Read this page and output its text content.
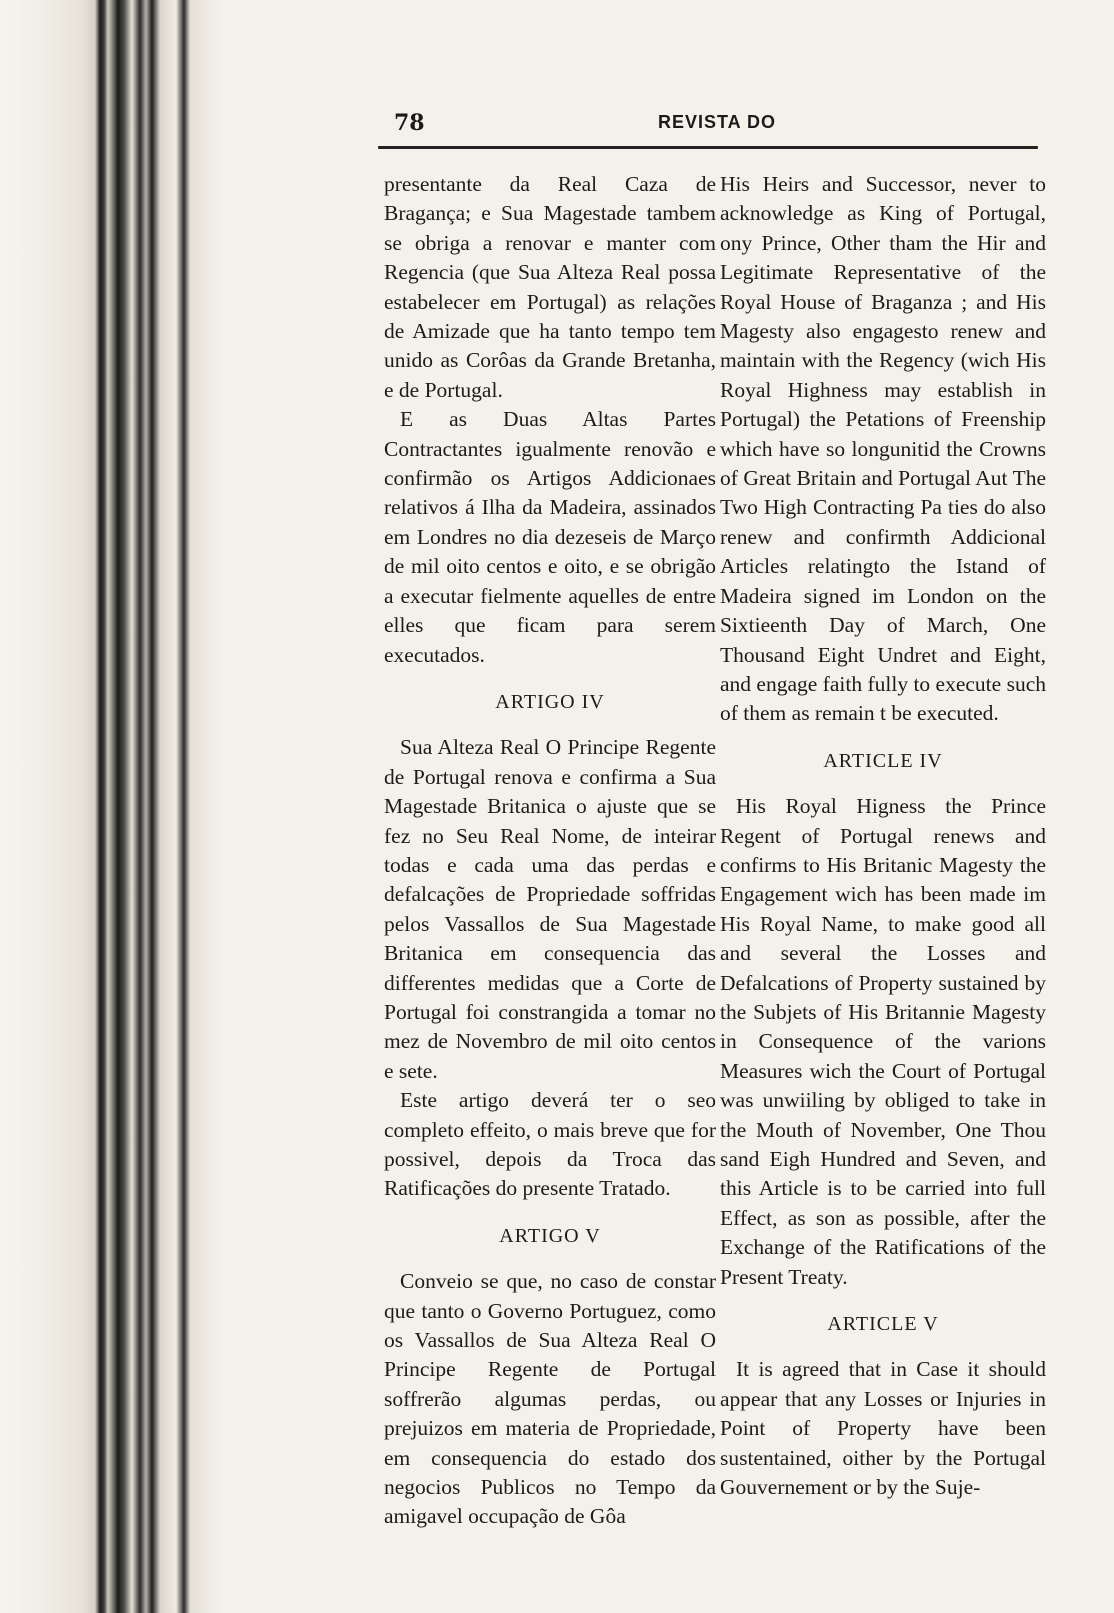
78	REVISTA DO

presentante da Real Caza de Bragança; e Sua Magestade tambem se obriga a renovar e manter com Regencia (que Sua Alteza Real possa estabelecer em Portugal) as relações de Amizade que ha tanto tempo tem unido as Corôas da Grande Bretanha, e de Portugal.

E as Duas Altas Partes Contractantes igualmente renovão e confirmão os Artigos Addicionaes relativos á Ilha da Madeira, assinados em Londres no dia dezeseis de Março de mil oito centos e oito, e se obrigão a executar fielmente aquelles de entre elles que ficam para serem executados.

ARTIGO IV

Sua Alteza Real O Principe Regente de Portugal renova e confirma a Sua Magestade Britanica o ajuste que se fez no Seu Real Nome, de inteirar todas e cada uma das perdas e defalcações de Propriedade soffridas pelos Vassallos de Sua Magestade Britanica em consequencia das differentes medidas que a Corte de Portugal foi constrangida a tomar no mez de Novembro de mil oito centos e sete.

Este artigo deverá ter o seo completo effeito, o mais breve que for possivel, depois da Troca das Ratificações do presente Tratado.

ARTIGO V

Conveio se que, no caso de constar que tanto o Governo Portuguez, como os Vassallos de Sua Alteza Real O Principe Regente de Portugal soffrerão algumas perdas, ou prejuizos em materia de Propriedade, em consequencia do estado dos negocios Publicos no Tempo da amigavel occupação de Gôa

His Heirs and Successor, never to acknowledge as King of Portugal, ony Prince, Other tham the Hir and Legitimate Representative of the Royal House of Braganza ; and His Magesty also engagesto renew and maintain with the Regency (wich His Royal Highness may establish in Portugal) the Petations of Freenship which have so longunitid the Crowns of Great Britain and Portugal Aut The Two High Contracting Pa ties do also renew and confirmth Addicional Articles relatingto the Istand of Madeira signed im London on the Sixtieenth Day of March, One Thousand Eight Undret and Eight, and engage faith fully to execute such of them as remain t be executed.

ARTICLE IV

His Royal Higness the Prince Regent of Portugal renews and confirms to His Britanic Magesty the Engagement wich has been made im His Royal Name, to make good all and several the Losses and Defalcations of Property sustained by the Subjets of His Britannie Magesty in Consequence of the varions Measures wich the Court of Portugal was unwiiling by obliged to take in the Mouth of November, One Thou sand Eigh Hundred and Seven, and this Article is to be carried into full Effect, as son as possible, after the Exchange of the Ratifications of the Present Treaty.

ARTICLE V

It is agreed that in Case it should appear that any Losses or Injuries in Point of Property have been sustentained, oither by the Portugal Gouvernement or by the Suje-
